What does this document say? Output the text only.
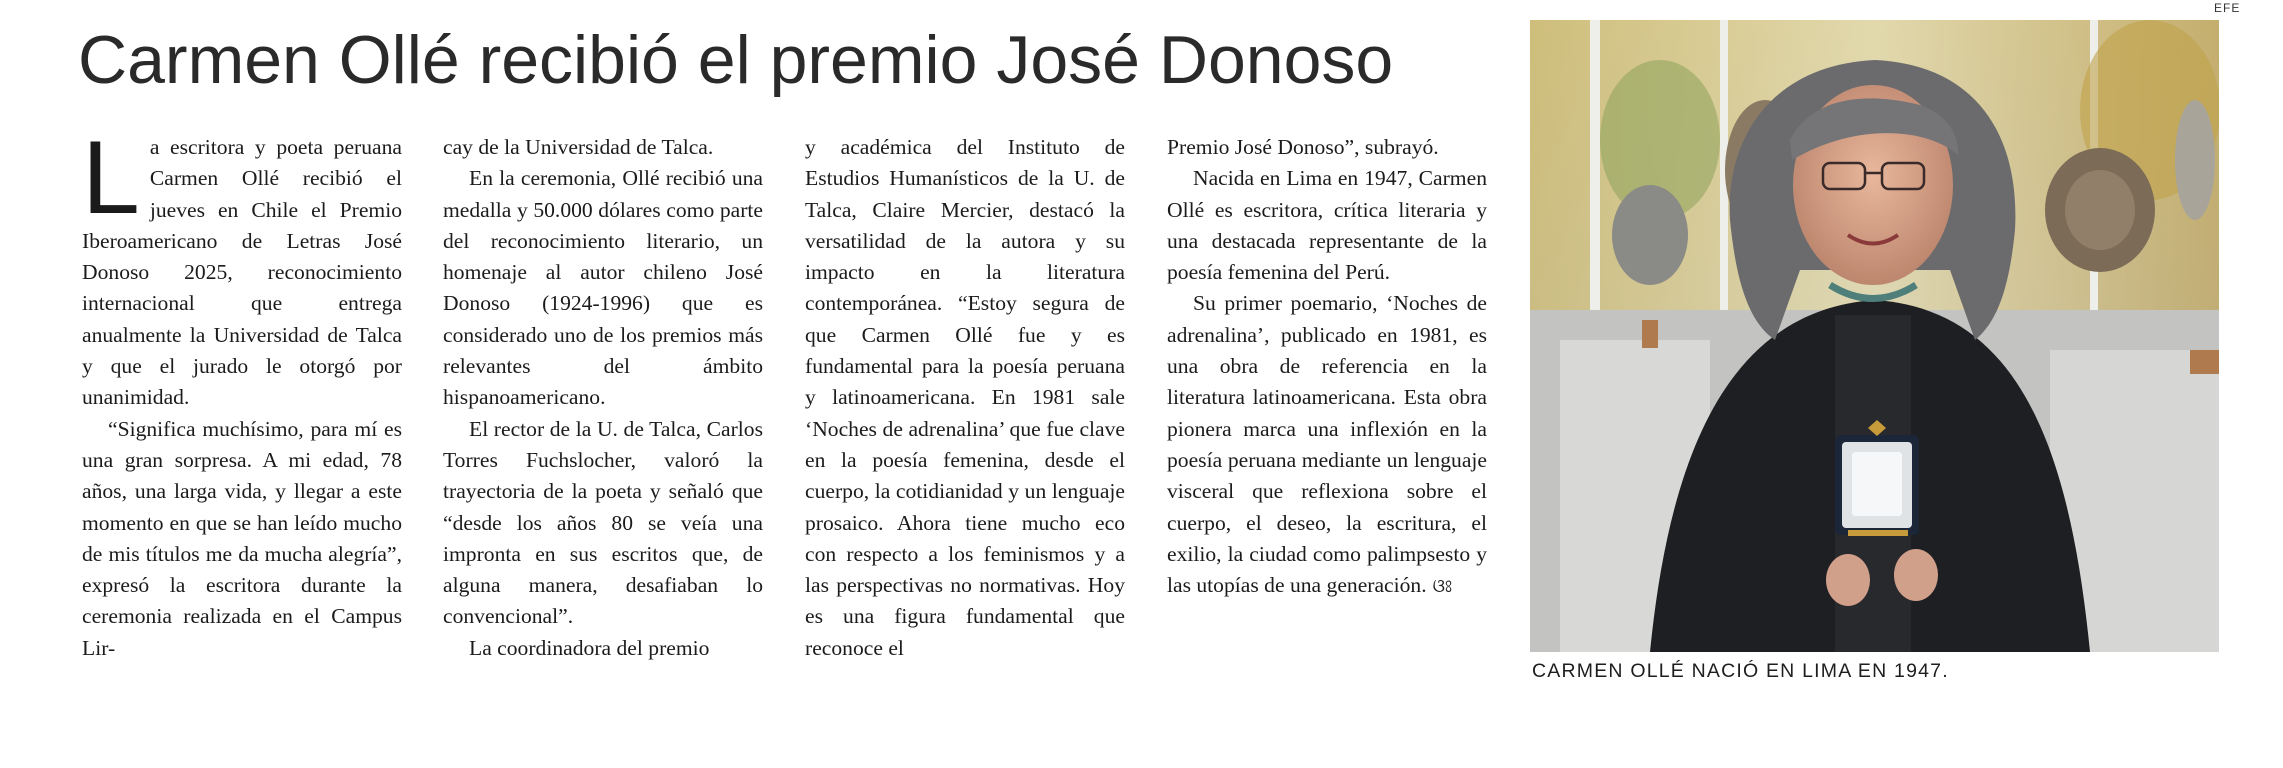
Carmen Ollé recibió el premio José Donoso

La escritora y poeta peruana Carmen Ollé recibió el jueves en Chile el Premio Iberoamericano de Letras José Donoso 2025, reconocimiento internacional que entrega anualmente la Universidad de Talca y que el jurado le otorgó por unanimidad.

“Significa muchísimo, para mí es una gran sorpresa. A mi edad, 78 años, una larga vida, y llegar a este momento en que se han leído mucho de mis títulos me da mucha alegría”, expresó la escritora durante la ceremonia realizada en el Campus Lir-

cay de la Universidad de Talca.

En la ceremonia, Ollé recibió una medalla y 50.000 dólares como parte del reconocimiento literario, un homenaje al autor chileno José Donoso (1924-1996) que es considerado uno de los premios más relevantes del ámbito hispanoamericano.

El rector de la U. de Talca, Carlos Torres Fuchslocher, valoró la trayectoria de la poeta y señaló que “desde los años 80 se veía una impronta en sus escritos que, de alguna manera, desafiaban lo convencional”.

La coordinadora del premio

y académica del Instituto de Estudios Humanísticos de la U. de Talca, Claire Mercier, destacó la versatilidad de la autora y su impacto en la literatura contemporánea. “Estoy segura de que Carmen Ollé fue y es fundamental para la poesía peruana y latinoamericana. En 1981 sale ‘Noches de adrenalina’ que fue clave en la poesía femenina, desde el cuerpo, la cotidianidad y un lenguaje prosaico. Ahora tiene mucho eco con respecto a los feminismos y a las perspectivas no normativas. Hoy es una figura fundamental que reconoce el

Premio José Donoso”, subrayó.

Nacida en Lima en 1947, Carmen Ollé es escritora, crítica literaria y una destacada representante de la poesía femenina del Perú.

Su primer poemario, ‘Noches de adrenalina’, publicado en 1981, es una obra de referencia en la literatura latinoamericana. Esta obra pionera marca una inflexión en la poesía peruana mediante un lenguaje visceral que reflexiona sobre el cuerpo, el deseo, la escritura, el exilio, la ciudad como palimpsesto y las utopías de una generación. ଓଃ

EFE
CARMEN OLLÉ NACIÓ EN LIMA EN 1947.
